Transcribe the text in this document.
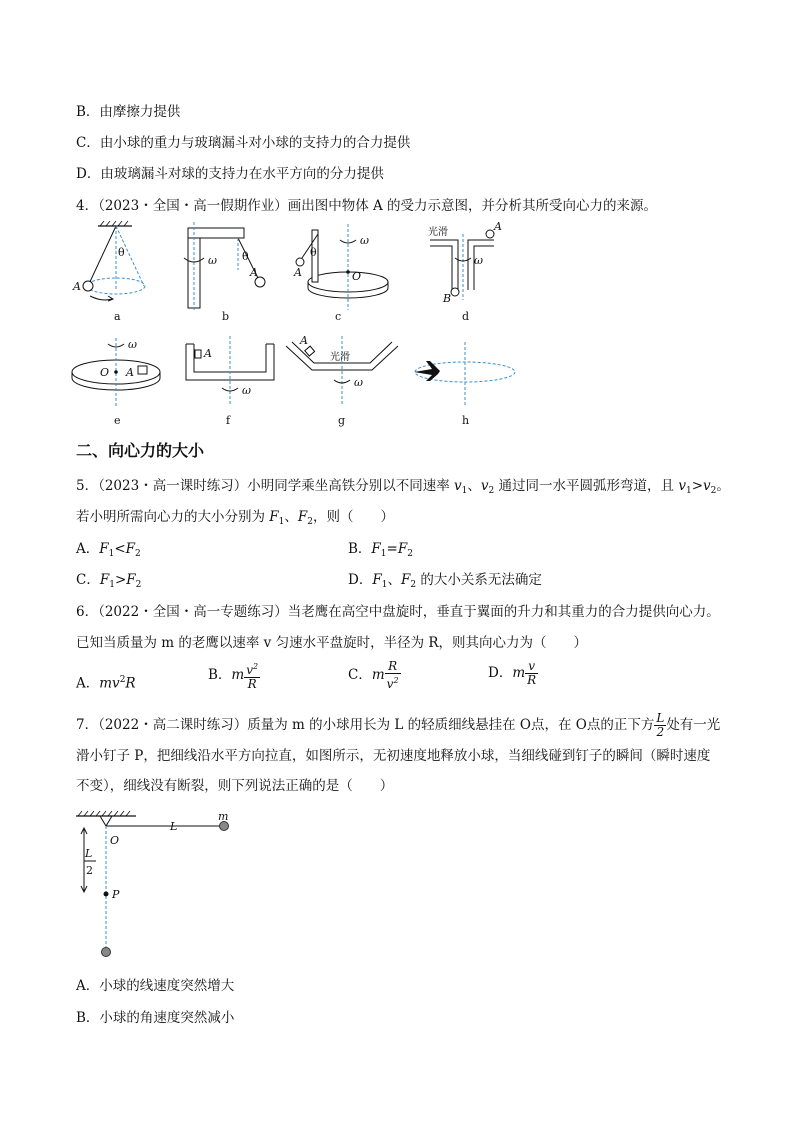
B．由摩擦力提供
C．由小球的重力与玻璃漏斗对小球的支持力的合力提供
D．由玻璃漏斗对球的支持力在水平方向的分力提供
4．（2023・全国・高一假期作业）画出图中物体 A 的受力示意图，并分析其所受向心力的来源。
θ
A
a
ω θ
A
b
ω
θ
A	O
c
ω
光滑	A
B
d
ω
O A
e
ω
A
f
ω
A
光滑
g	h
二、向心力的大小
5．（2023・高一课时练习）小明同学乘坐高铁分别以不同速率 $v_1$、$v_2$ 通过同一水平圆弧形弯道，且 $v_1>v_2$。
若小明所需向心力的大小分别为 $F_1$、$F_2$，则（　　）
A．$F_1<F_2$	B．$F_1=F_2$
C．$F_1>F_2$	D．$F_1$、$F_2$ 的大小关系无法确定
6．（2022・全国・高一专题练习）当老鹰在高空中盘旋时，垂直于翼面的升力和其重力的合力提供向心力。
已知当质量为 m 的老鹰以速率 v 匀速水平盘旋时，半径为 R，则其向心力为（　　）
A．$mv^2R$
B．m $\frac{v^2}{R}$	C．m $\frac{R}{v^2}$	D．m $\frac{v}{R}$
7．（2022・高二课时练习）质量为 m 的小球用长为 L 的轻质细线悬挂在 O点，在 O点的正下方 $\frac{L}{2}$ 处有一光
滑小钉子 P，把细线沿水平方向拉直，如图所示，无初速度地释放小球，当细线碰到钉子的瞬间（瞬时速度
不变），细线没有断裂，则下列说法正确的是（　　）
L
m
O
P
L
2
A．小球的线速度突然增大
B．小球的角速度突然减小
